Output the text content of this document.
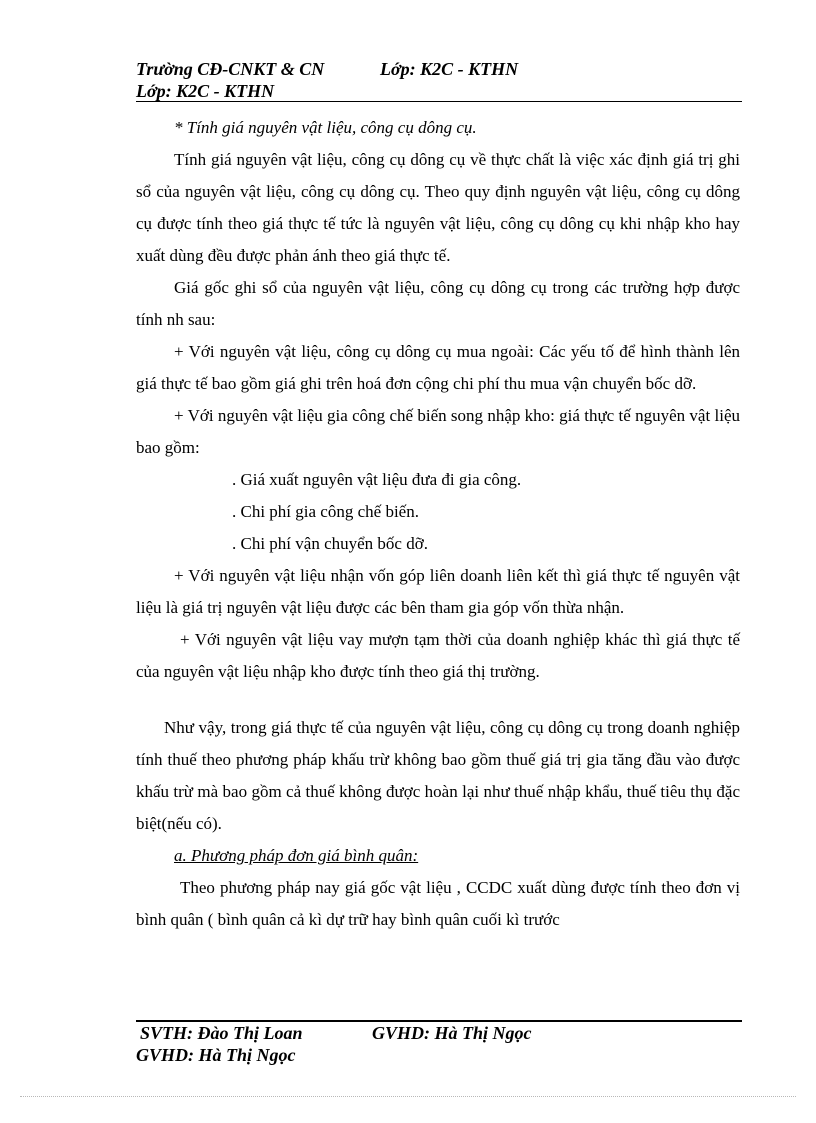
Trường CĐ-CNKT & CN	Lớp: K2C - KTHN
Lớp: K2C - KTHN

* Tính giá nguyên vật liệu, công cụ dông cụ.

Tính giá nguyên vật liệu, công cụ dông cụ về thực chất là việc xác định giá trị ghi sổ của nguyên vật liệu, công cụ dông cụ. Theo quy định nguyên vật liệu, công cụ dông cụ được tính theo giá thực tế tức là nguyên vật liệu, công cụ dông cụ khi nhập kho hay xuất dùng đều được phản ánh theo giá thực tế.

Giá gốc ghi sổ của nguyên vật liệu, công cụ dông cụ trong các trường hợp được tính nh sau:

+ Với nguyên vật liệu, công cụ dông cụ mua ngoài: Các yếu tố để hình thành lên giá thực tế bao gồm giá ghi trên hoá đơn cộng chi phí thu mua vận chuyển bốc dỡ.

+ Với nguyên vật liệu gia công chế biến song nhập kho: giá thực tế nguyên vật liệu bao gồm:

. Giá xuất nguyên vật liệu đưa đi gia công.

. Chi phí gia công chế biến.

. Chi phí vận chuyển bốc dỡ.

+ Với nguyên vật liệu nhận vốn góp liên doanh liên kết thì giá thực tế nguyên vật liệu là giá trị nguyên vật liệu được các bên tham gia góp vốn thừa nhận.

+ Với nguyên vật liệu vay mượn tạm thời của doanh nghiệp khác thì giá thực tế của nguyên vật liệu nhập kho được tính theo giá thị trường.

Như vậy, trong giá thực tế của nguyên vật liệu, công cụ dông cụ trong doanh nghiệp tính thuế theo phương pháp khấu trừ không bao gồm thuế giá trị gia tăng đầu vào được khấu trừ mà bao gồm cả thuế không được hoàn lại như thuế nhập khẩu, thuế tiêu thụ đặc biệt(nếu có).

a. Phương pháp đơn giá bình quân:

Theo phương pháp nay giá gốc vật liệu , CCDC xuất dùng được tính theo đơn vị bình quân ( bình quân cả kì dự trữ hay bình quân cuối kì trước

SVTH: Đào Thị Loan	GVHD: Hà Thị Ngọc
GVHD: Hà Thị Ngọc
